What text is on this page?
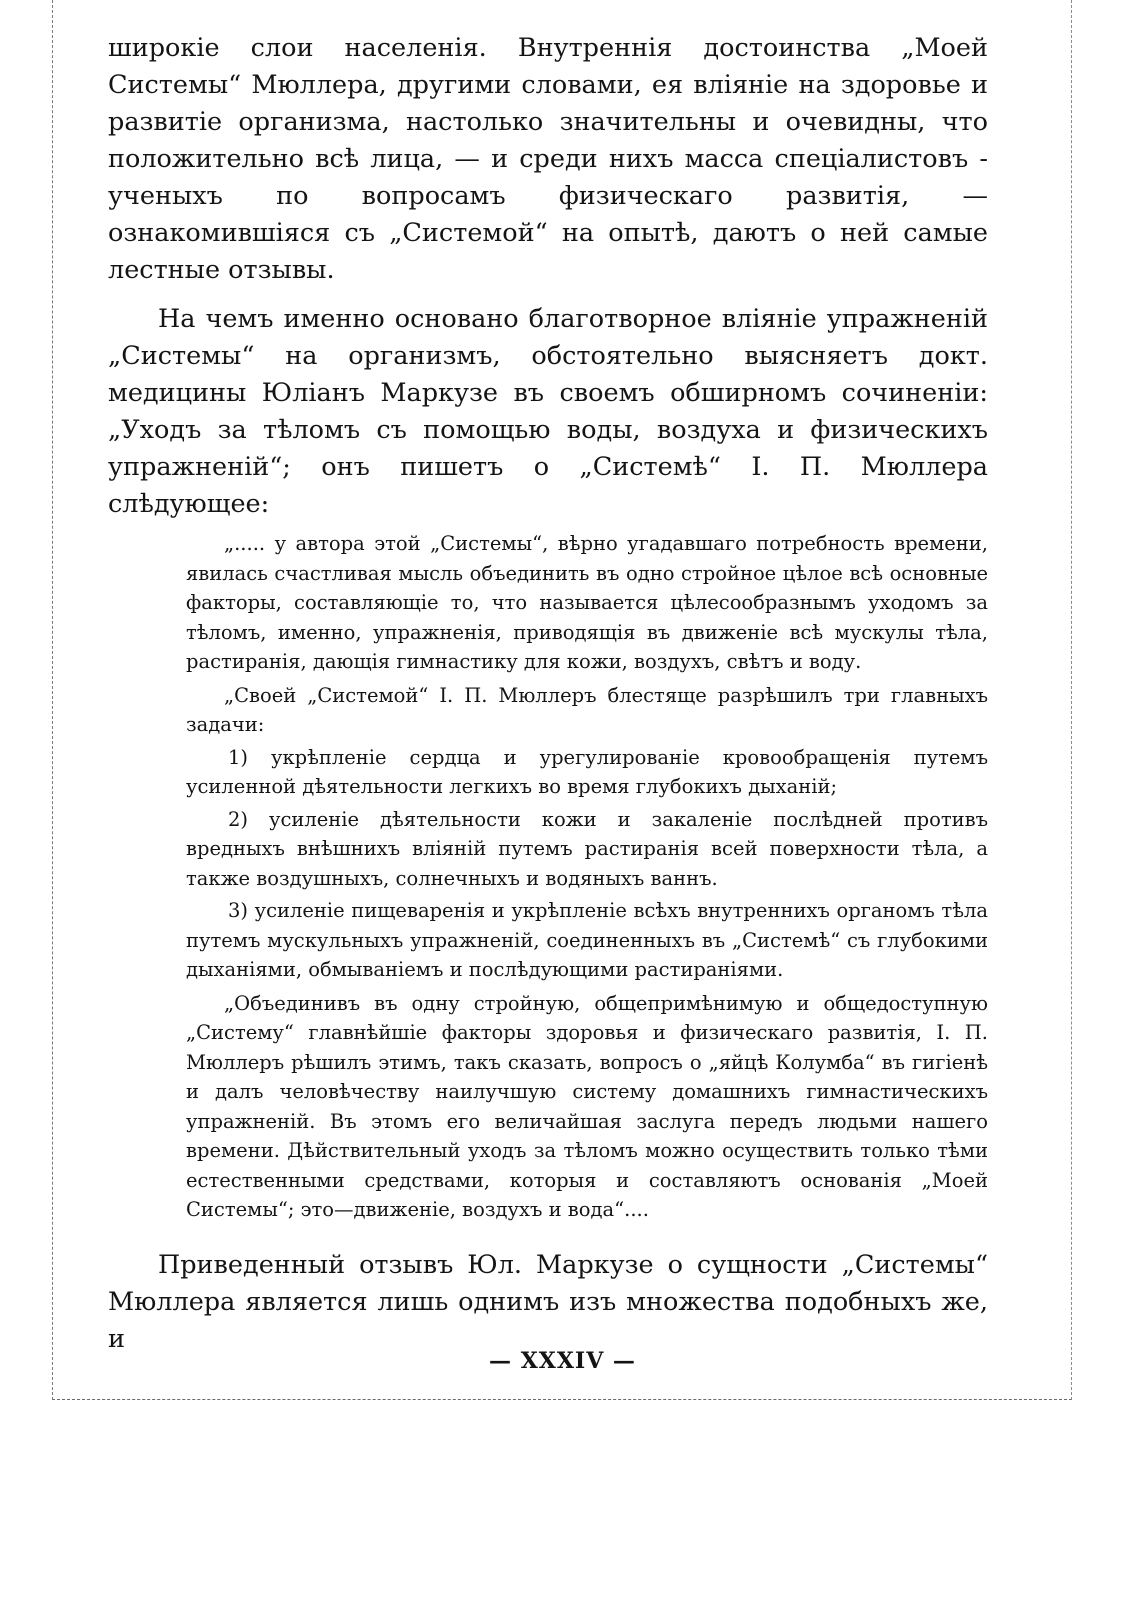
широкіе слои населенія. Внутреннія достоинства „Моей Системы“ Мюллера, другими словами, ея вліяніе на здоровье и развитіе организма, настолько значительны и очевидны, что положительно всѣ лица, — и среди нихъ масса спеціалистовъ - ученыхъ по вопросамъ физическаго развитія, — ознакомившіяся съ „Системой“ на опытѣ, даютъ о ней самые лестные отзывы.

На чемъ именно основано благотворное вліяніе упражненій „Системы“ на организмъ, обстоятельно выясняетъ докт. медицины Юліанъ Маркузе въ своемъ обширномъ сочиненіи: „Уходъ за тѣломъ съ помощью воды, воздуха и физическихъ упражненій“; онъ пишетъ о „Системѣ“ I. П. Мюллера слѣдующее:

„..... у автора этой „Системы“, вѣрно угадавшаго потребность времени, явилась счастливая мысль объединить въ одно стройное цѣлое всѣ основные факторы, составляющіе то, что называется цѣлесообразнымъ уходомъ за тѣломъ, именно, упражненія, приводящія въ движеніе всѣ мускулы тѣла, растиранія, дающія гимнастику для кожи, воздухъ, свѣтъ и воду.

„Своей „Системой“ I. П. Мюллеръ блестяще разрѣшилъ три главныхъ задачи:

1) укрѣпленіе сердца и урегулированіе кровообращенія путемъ усиленной дѣятельности легкихъ во время глубокихъ дыханій;

2) усиленіе дѣятельности кожи и закаленіе послѣдней противъ вредныхъ внѣшнихъ вліяній путемъ растиранія всей поверхности тѣла, а также воздушныхъ, солнечныхъ и водяныхъ ваннъ.

3) усиленіе пищеваренія и укрѣпленіе всѣхъ внутреннихъ органомъ тѣла путемъ мускульныхъ упражненій, соединенныхъ въ „Системѣ“ съ глубокими дыханіями, обмываніемъ и послѣдующими растираніями.

„Объединивъ въ одну стройную, общепримѣнимую и общедоступную „Систему“ главнѣйшіе факторы здоровья и физическаго развитія, I. П. Мюллеръ рѣшилъ этимъ, такъ сказать, вопросъ о „яйцѣ Колумба“ въ гигіенѣ и далъ человѣчеству наилучшую систему домашнихъ гимнастическихъ упражненій. Въ этомъ его величайшая заслуга передъ людьми нашего времени. Дѣйствительный уходъ за тѣломъ можно осуществить только тѣми естественными средствами, которыя и составляютъ основанія „Моей Системы“; это—движеніе, воздухъ и вода“....

Приведенный отзывъ Юл. Маркузе о сущности „Системы“ Мюллера является лишь однимъ изъ множества подобныхъ же, и

— XXXIV —
